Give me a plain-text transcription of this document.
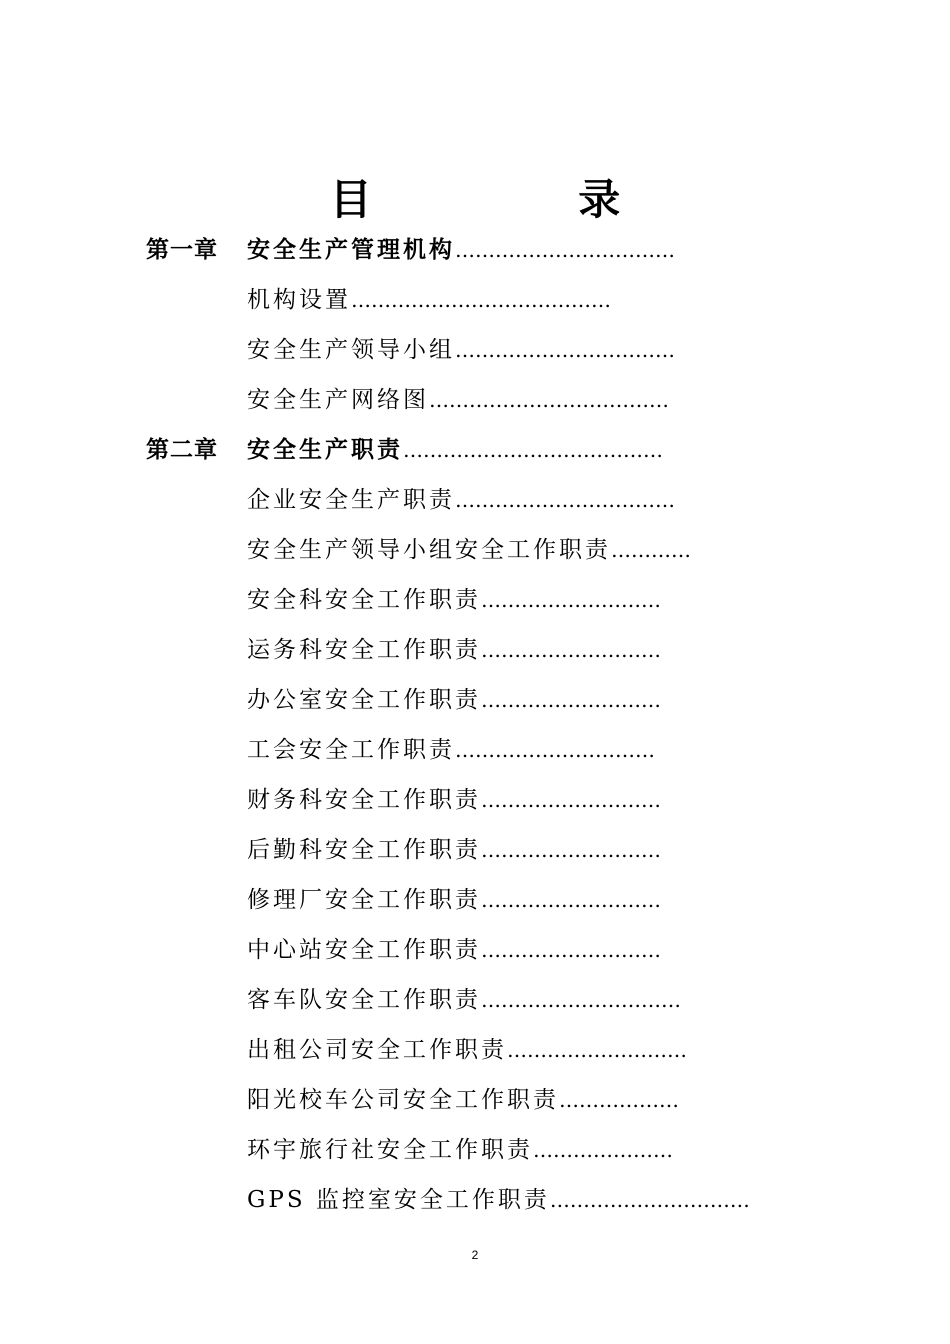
目 录
第一章 安全生产管理机构……………………………
机构设置…………………………………
安全生产领导小组……………………………
安全生产网络图………………………………
第二章 安全生产职责…………………………………
企业安全生产职责……………………………
安全生产领导小组安全工作职责…………
安全科安全工作职责………………………
运务科安全工作职责………………………
办公室安全工作职责………………………
工会安全工作职责…………………………
财务科安全工作职责………………………
后勤科安全工作职责………………………
修理厂安全工作职责………………………
中心站安全工作职责………………………
客车队安全工作职责…………………………
出租公司安全工作职责………………………
阳光校车公司安全工作职责………………
环宇旅行社安全工作职责…………………
GPS 监控室安全工作职责…………………………
2
